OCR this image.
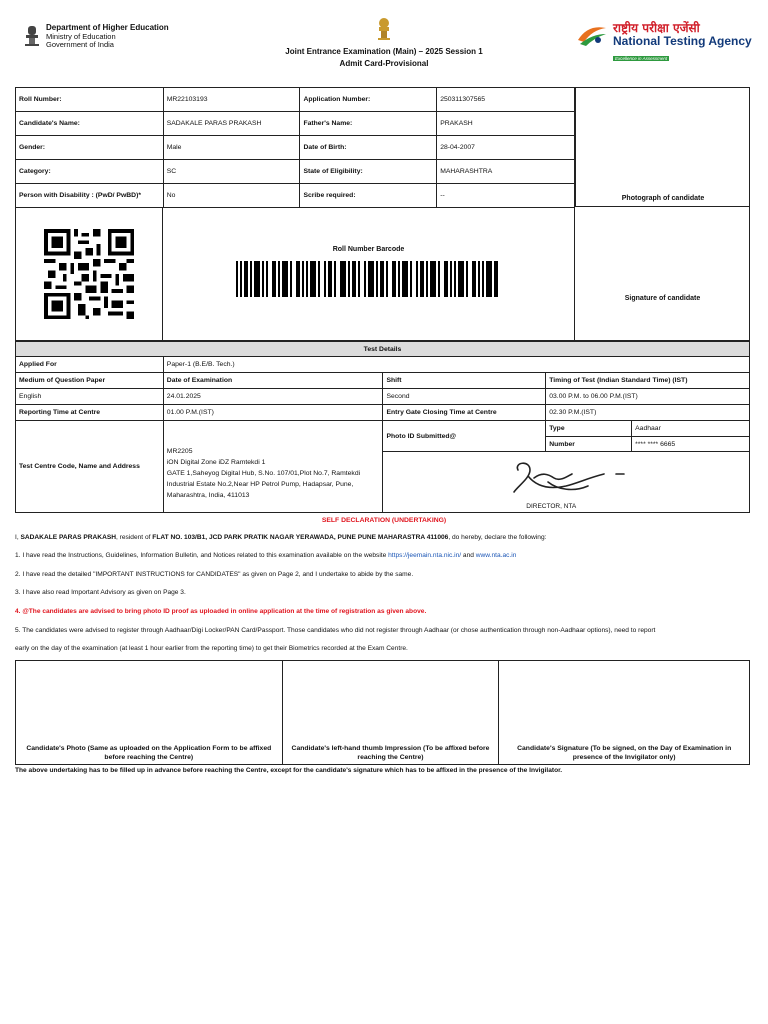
Department of Higher Education
Ministry of Education
Government of India
Joint Entrance Examination (Main) – 2025 Session 1
Admit Card-Provisional
राष्ट्रीय परीक्षा एजेंसी
National Testing Agency
Excellence in Assessment
Roll Number:	MR22103193	Application Number:	250311307565
Candidate's Name:	SADAKALE PARAS PRAKASH	Father's Name:	PRAKASH
Gender:	Male	Date of Birth:	28-04-2007
Category:	SC	State of Eligibility:	MAHARASHTRA
Person with Disability : (PwD/ PwBD)*	No	Scribe required:	--	Photograph of candidate
Roll Number Barcode
Signature of candidate
Test Details				
Applied For	Paper-1 (B.E/B. Tech.)			
Medium of Question Paper	Date of Examination	Shift	Timing of Test (Indian Standard Time) (IST)	
English	24.01.2025	Second	03.00 P.M. to 06.00 P.M.(IST)	
Reporting Time at Centre	01.00 P.M.(IST)	Entry Gate Closing Time at Centre	02.30 P.M.(IST)	
Test Centre Code, Name and Address	MR2205
iON Digital Zone iDZ Ramtekdi 1
GATE 1,Saheyog Digital Hub, S.No. 107/01,Plot No.7, Ramtekdi
Industrial Estate No.2,Near HP Petrol Pump, Hadapsar, Pune,
Maharashtra, India, 411013	Photo ID Submitted@	Type	Aadhaar
			Number	**** **** 6665

		DIRECTOR, NTA		
SELF DECLARATION (UNDERTAKING)
I, SADAKALE PARAS PRAKASH, resident of FLAT NO. 103/B1, JCD PARK PRATIK NAGAR YERAWADA, PUNE PUNE MAHARASTRA 411006, do hereby, declare the following:
1. I have read the Instructions, Guidelines, Information Bulletin, and Notices related to this examination available on the website https://jeemain.nta.nic.in/ and www.nta.ac.in
2. I have read the detailed "IMPORTANT INSTRUCTIONS for CANDIDATES" as given on Page 2, and I undertake to abide by the same.
3. I have also read Important Advisory as given on Page 3.
4. @The candidates are advised to bring photo ID proof as uploaded in online application at the time of registration as given above.
5. The candidates were advised to register through Aadhaar/Digi Locker/PAN Card/Passport. Those candidates who did not register through Aadhaar (or chose authentication through non-Aadhaar options), need to report
early on the day of the examination (at least 1 hour earlier from the reporting time) to get their Biometrics recorded at the Exam Centre.
Candidate's Photo (Same as uploaded on the Application Form to be affixed before reaching the Centre)	Candidate's left-hand thumb Impression (To be affixed before reaching the Centre)	Candidate's Signature (To be signed, on the Day of Examination in presence of the Invigilator only)
The above undertaking has to be filled up in advance before reaching the Centre, except for the candidate's signature which has to be affixed in the presence of the Invigilator.
